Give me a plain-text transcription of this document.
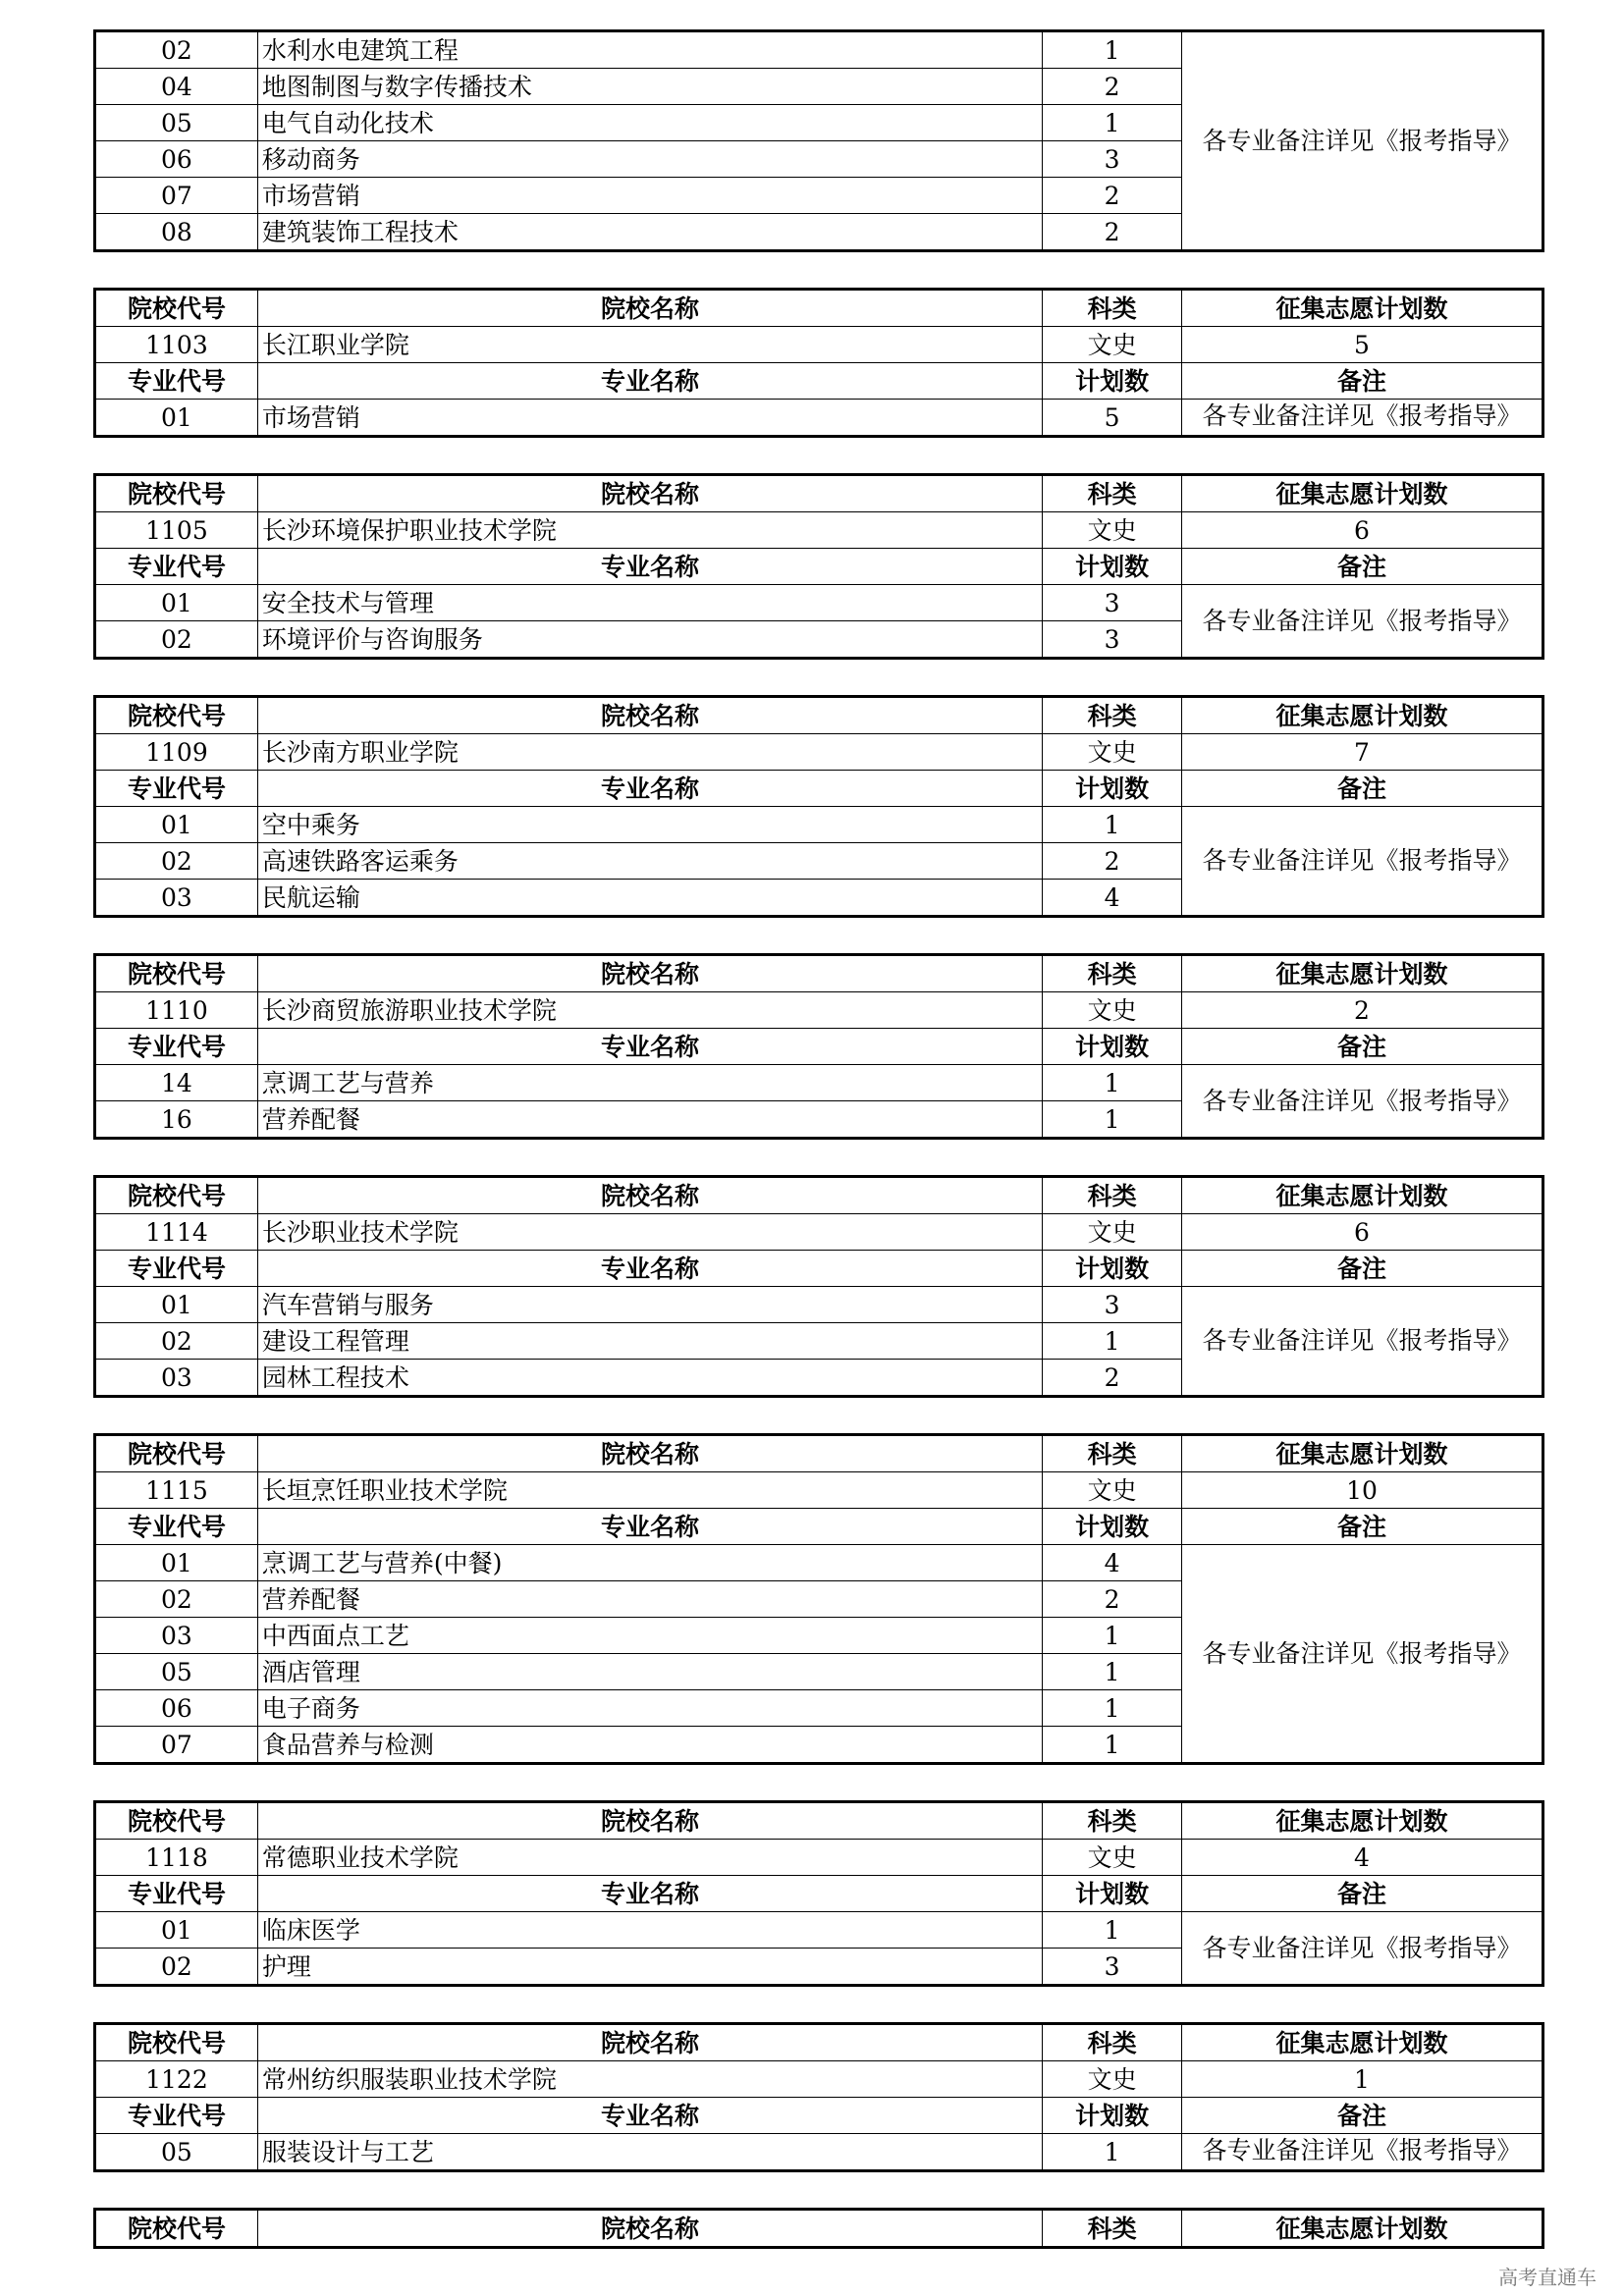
02	水利水电建筑工程	1	各专业备注详见《报考指导》
04	地图制图与数字传播技术	2	
05	电气自动化技术	1	
06	移动商务	3	
07	市场营销	2	
08	建筑装饰工程技术	2	
院校代号	院校名称	科类	征集志愿计划数
1103	长江职业学院	文史	5
专业代号	专业名称	计划数	备注
01	市场营销	5	各专业备注详见《报考指导》
院校代号	院校名称	科类	征集志愿计划数
1105	长沙环境保护职业技术学院	文史	6
专业代号	专业名称	计划数	备注
01	安全技术与管理	3	各专业备注详见《报考指导》
02	环境评价与咨询服务	3	
院校代号	院校名称	科类	征集志愿计划数
1109	长沙南方职业学院	文史	7
专业代号	专业名称	计划数	备注
01	空中乘务	1	各专业备注详见《报考指导》
02	高速铁路客运乘务	2	
03	民航运输	4	
院校代号	院校名称	科类	征集志愿计划数
1110	长沙商贸旅游职业技术学院	文史	2
专业代号	专业名称	计划数	备注
14	烹调工艺与营养	1	各专业备注详见《报考指导》
16	营养配餐	1	
院校代号	院校名称	科类	征集志愿计划数
1114	长沙职业技术学院	文史	6
专业代号	专业名称	计划数	备注
01	汽车营销与服务	3	各专业备注详见《报考指导》
02	建设工程管理	1	
03	园林工程技术	2	
院校代号	院校名称	科类	征集志愿计划数
1115	长垣烹饪职业技术学院	文史	10
专业代号	专业名称	计划数	备注
01	烹调工艺与营养(中餐)	4	各专业备注详见《报考指导》
02	营养配餐	2	
03	中西面点工艺	1	
05	酒店管理	1	
06	电子商务	1	
07	食品营养与检测	1	
院校代号	院校名称	科类	征集志愿计划数
1118	常德职业技术学院	文史	4
专业代号	专业名称	计划数	备注
01	临床医学	1	各专业备注详见《报考指导》
02	护理	3	
院校代号	院校名称	科类	征集志愿计划数
1122	常州纺织服装职业技术学院	文史	1
专业代号	专业名称	计划数	备注
05	服装设计与工艺	1	各专业备注详见《报考指导》
院校代号	院校名称	科类	征集志愿计划数
高考直通车
